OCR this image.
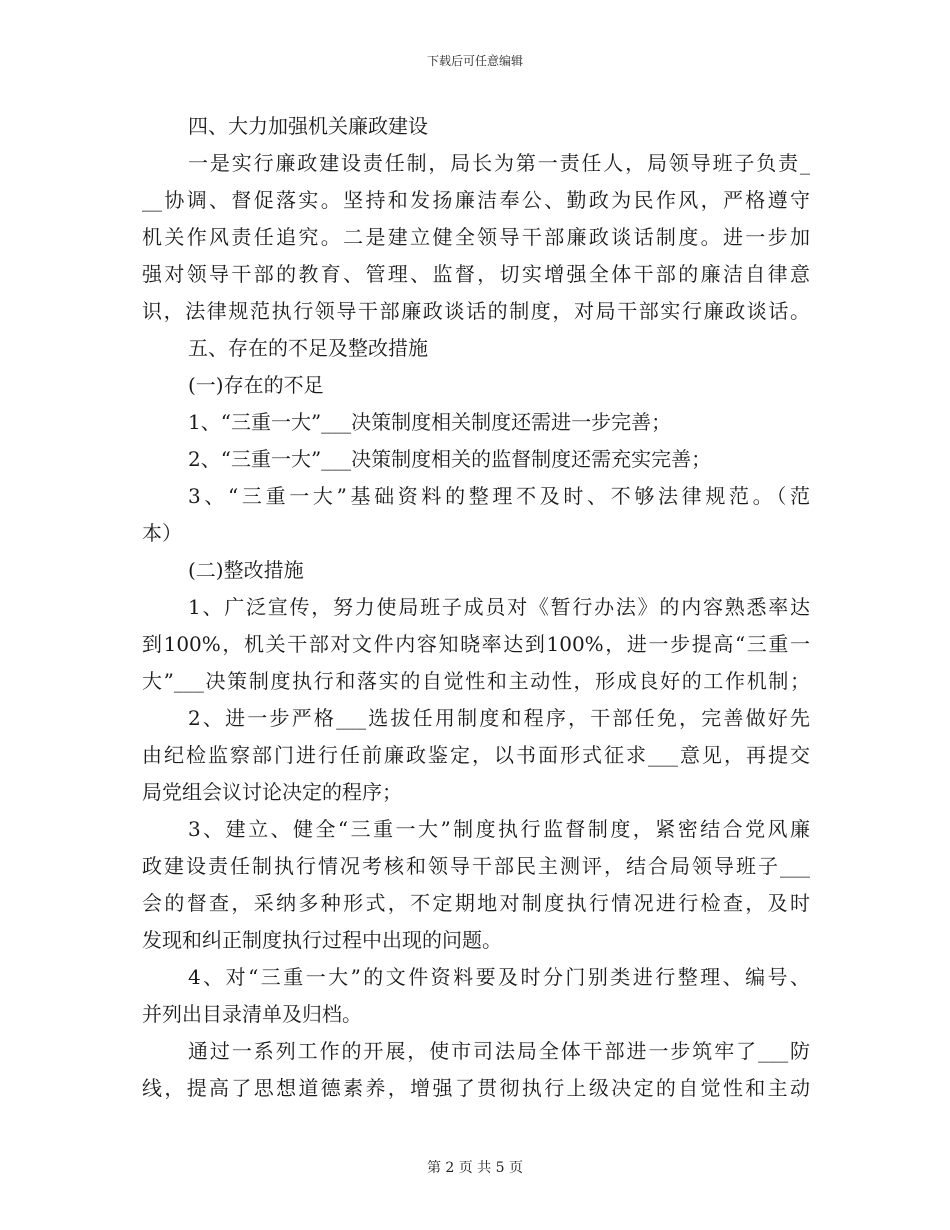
下载后可任意编辑
四、大力加强机关廉政建设
一是实行廉政建设责任制，局长为第一责任人，局领导班子负责_
__协调、督促落实。坚持和发扬廉洁奉公、勤政为民作风，严格遵守
机关作风责任追究。二是建立健全领导干部廉政谈话制度。进一步加
强对领导干部的教育、管理、监督，切实增强全体干部的廉洁自律意
识，法律规范执行领导干部廉政谈话的制度，对局干部实行廉政谈话。
五、存在的不足及整改措施
(一)存在的不足
1、“三重一大”___决策制度相关制度还需进一步完善；
2、“三重一大”___决策制度相关的监督制度还需充实完善；
3、“三重一大”基础资料的整理不及时、不够法律规范。（范
本）
(二)整改措施
1、广泛宣传，努力使局班子成员对《暂行办法》的内容熟悉率达
到100%，机关干部对文件内容知晓率达到100%，进一步提高“三重一
大”___决策制度执行和落实的自觉性和主动性，形成良好的工作机制；
2、进一步严格___选拔任用制度和程序，干部任免，完善做好先
由纪检监察部门进行任前廉政鉴定，以书面形式征求___意见，再提交
局党组会议讨论决定的程序；
3、建立、健全“三重一大”制度执行监督制度，紧密结合党风廉
政建设责任制执行情况考核和领导干部民主测评，结合局领导班子___
会的督查，采纳多种形式，不定期地对制度执行情况进行检查，及时
发现和纠正制度执行过程中出现的问题。
4、对“三重一大”的文件资料要及时分门别类进行整理、编号、
并列出目录清单及归档。
通过一系列工作的开展，使市司法局全体干部进一步筑牢了___防
线，提高了思想道德素养，增强了贯彻执行上级决定的自觉性和主动
第 2 页 共 5 页
